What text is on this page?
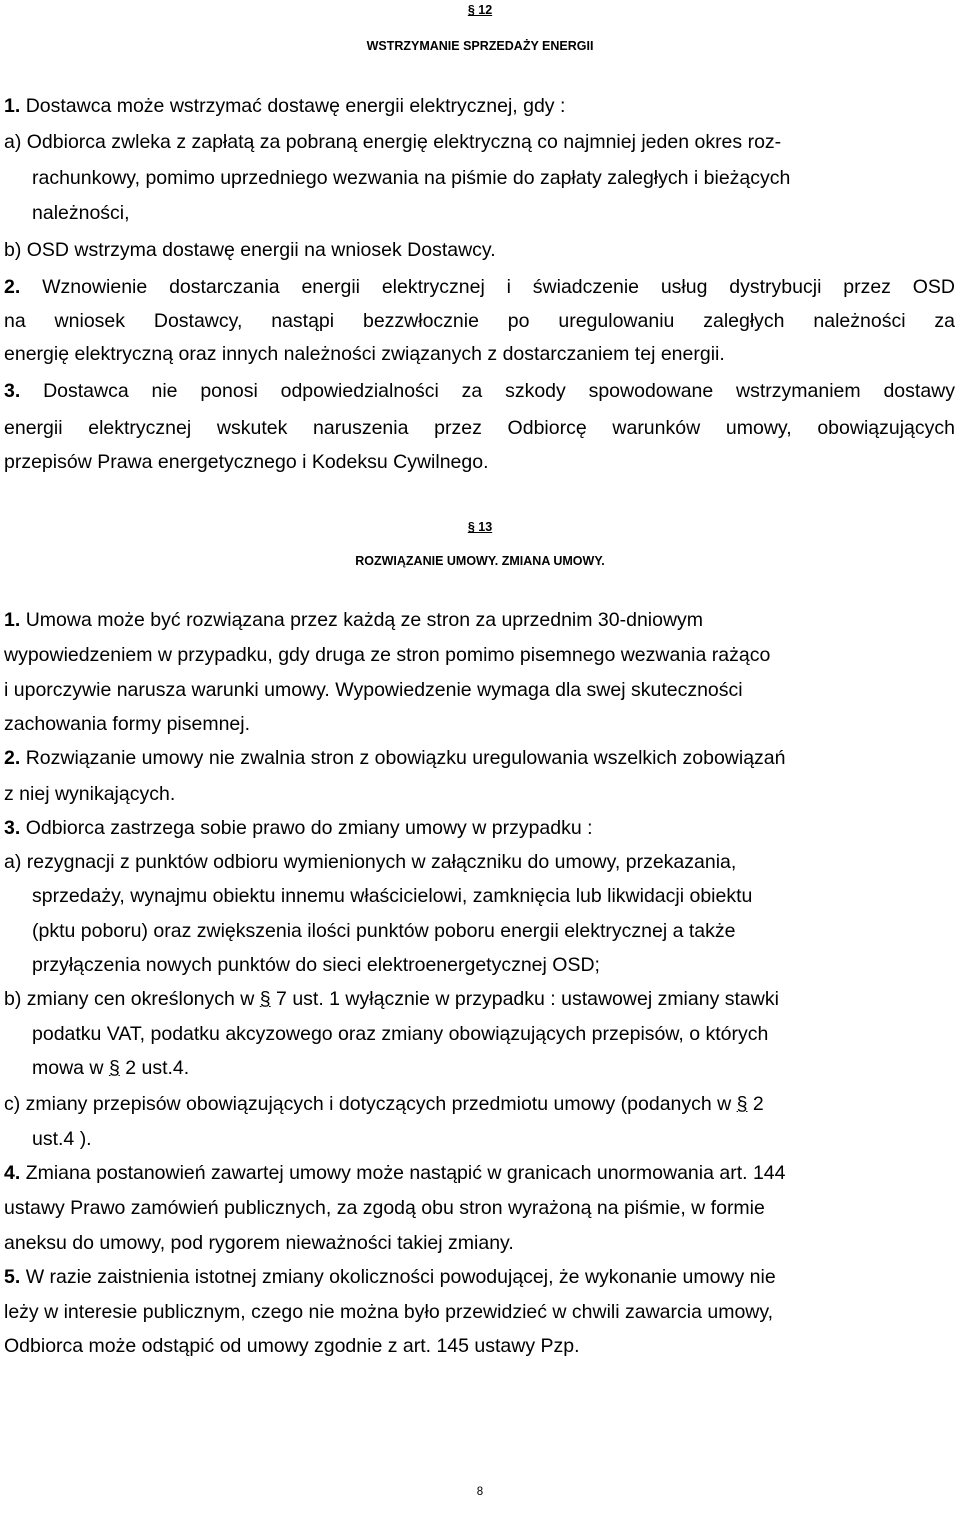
§ 12

WSTRZYMANIE SPRZEDAŻY ENERGII

1. Dostawca może wstrzymać dostawę energii elektrycznej, gdy :

a) Odbiorca zwleka z zapłatą za pobraną energię elektryczną co najmniej jeden okres roz-

rachunkowy, pomimo uprzedniego wezwania na piśmie do zapłaty zaległych i bieżących

należności,

b) OSD wstrzyma dostawę energii na wniosek Dostawcy.

2. Wznowienie dostarczania energii elektrycznej i świadczenie usług dystrybucji przez OSD

na wniosek Dostawcy, nastąpi bezzwłocznie po uregulowaniu zaległych należności za

energię elektryczną oraz innych należności związanych z dostarczaniem tej energii.

3. Dostawca nie ponosi odpowiedzialności za szkody spowodowane wstrzymaniem dostawy

energii elektrycznej wskutek naruszenia przez Odbiorcę warunków umowy, obowiązujących

przepisów Prawa energetycznego i Kodeksu Cywilnego.

§ 13

ROZWIĄZANIE UMOWY. ZMIANA UMOWY.

1. Umowa może być rozwiązana przez każdą ze stron za uprzednim 30-dniowym

wypowiedzeniem w przypadku, gdy druga ze stron pomimo pisemnego wezwania rażąco

i uporczywie narusza warunki umowy. Wypowiedzenie wymaga dla swej skuteczności

zachowania formy pisemnej.

2. Rozwiązanie umowy nie zwalnia stron z obowiązku uregulowania wszelkich zobowiązań

z niej wynikających.

3. Odbiorca zastrzega sobie prawo do zmiany umowy w przypadku :

a) rezygnacji z punktów odbioru wymienionych w załączniku do umowy, przekazania,

sprzedaży, wynajmu obiektu innemu właścicielowi, zamknięcia lub likwidacji obiektu

(pktu poboru) oraz zwiększenia ilości punktów poboru energii elektrycznej a także

przyłączenia nowych punktów do sieci elektroenergetycznej OSD;

b) zmiany cen określonych w § 7 ust. 1 wyłącznie w przypadku : ustawowej zmiany stawki

podatku VAT, podatku akcyzowego oraz zmiany obowiązujących przepisów, o których

mowa w § 2 ust.4.

c) zmiany przepisów obowiązujących i dotyczących przedmiotu umowy (podanych w § 2

ust.4 ).

4. Zmiana postanowień zawartej umowy może nastąpić w granicach unormowania art. 144

ustawy Prawo zamówień publicznych, za zgodą obu stron wyrażoną na piśmie, w formie

aneksu do umowy, pod rygorem nieważności takiej zmiany.

5. W razie zaistnienia istotnej zmiany okoliczności powodującej, że wykonanie umowy nie

leży w interesie publicznym, czego nie można było przewidzieć w chwili zawarcia umowy,

Odbiorca może odstąpić od umowy zgodnie z art. 145 ustawy Pzp.

8
